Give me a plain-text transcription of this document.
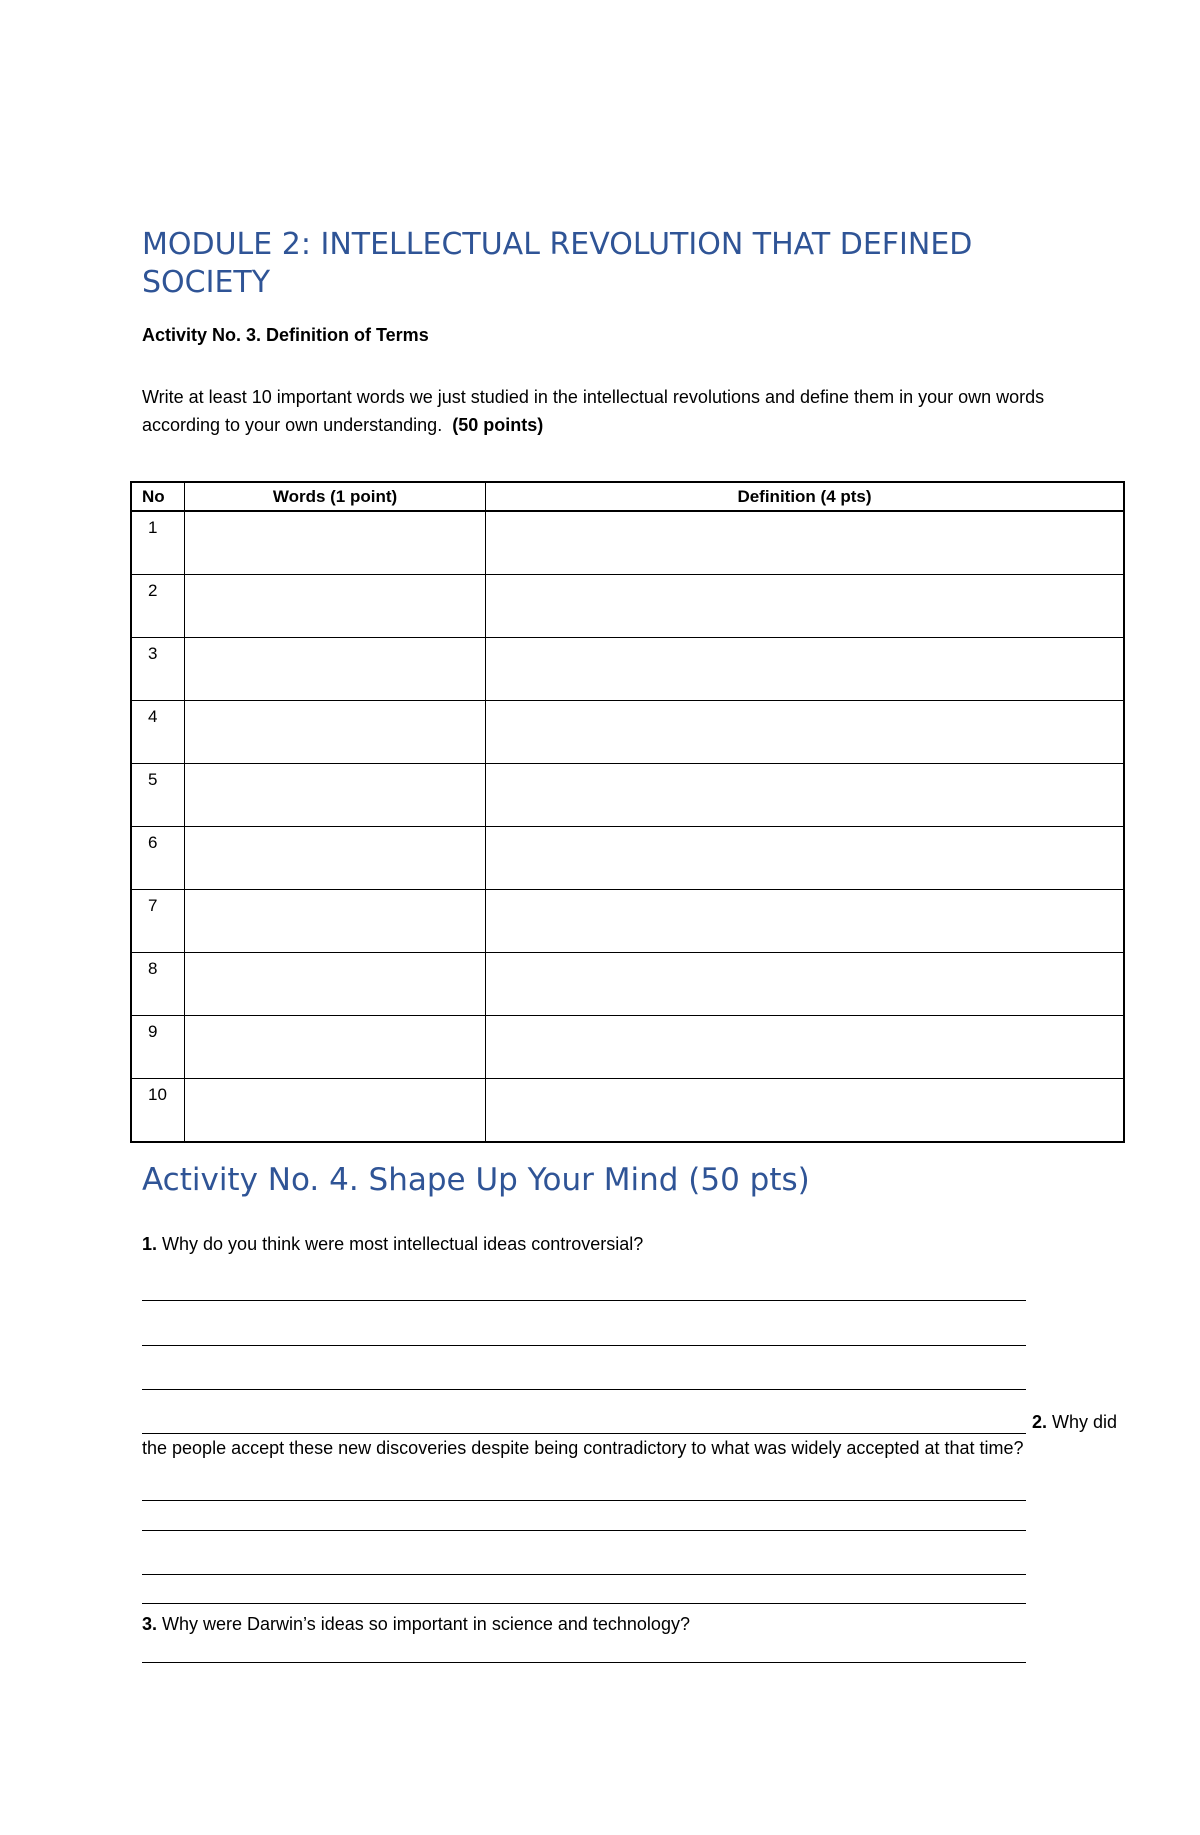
MODULE 2: INTELLECTUAL REVOLUTION THAT DEFINED SOCIETY
Activity No. 3. Definition of Terms
Write at least 10 important words we just studied in the intellectual revolutions and define them in your own words according to your own understanding. (50 points)
No	Words (1 point)	Definition (4 pts)
1		
2		
3		
4		
5		
6		
7		
8		
9		
10		
Activity No. 4. Shape Up Your Mind (50 pts)
1. Why do you think were most intellectual ideas controversial?
2. Why did
the people accept these new discoveries despite being contradictory to what was widely accepted at that time?
3. Why were Darwin’s ideas so important in science and technology?
